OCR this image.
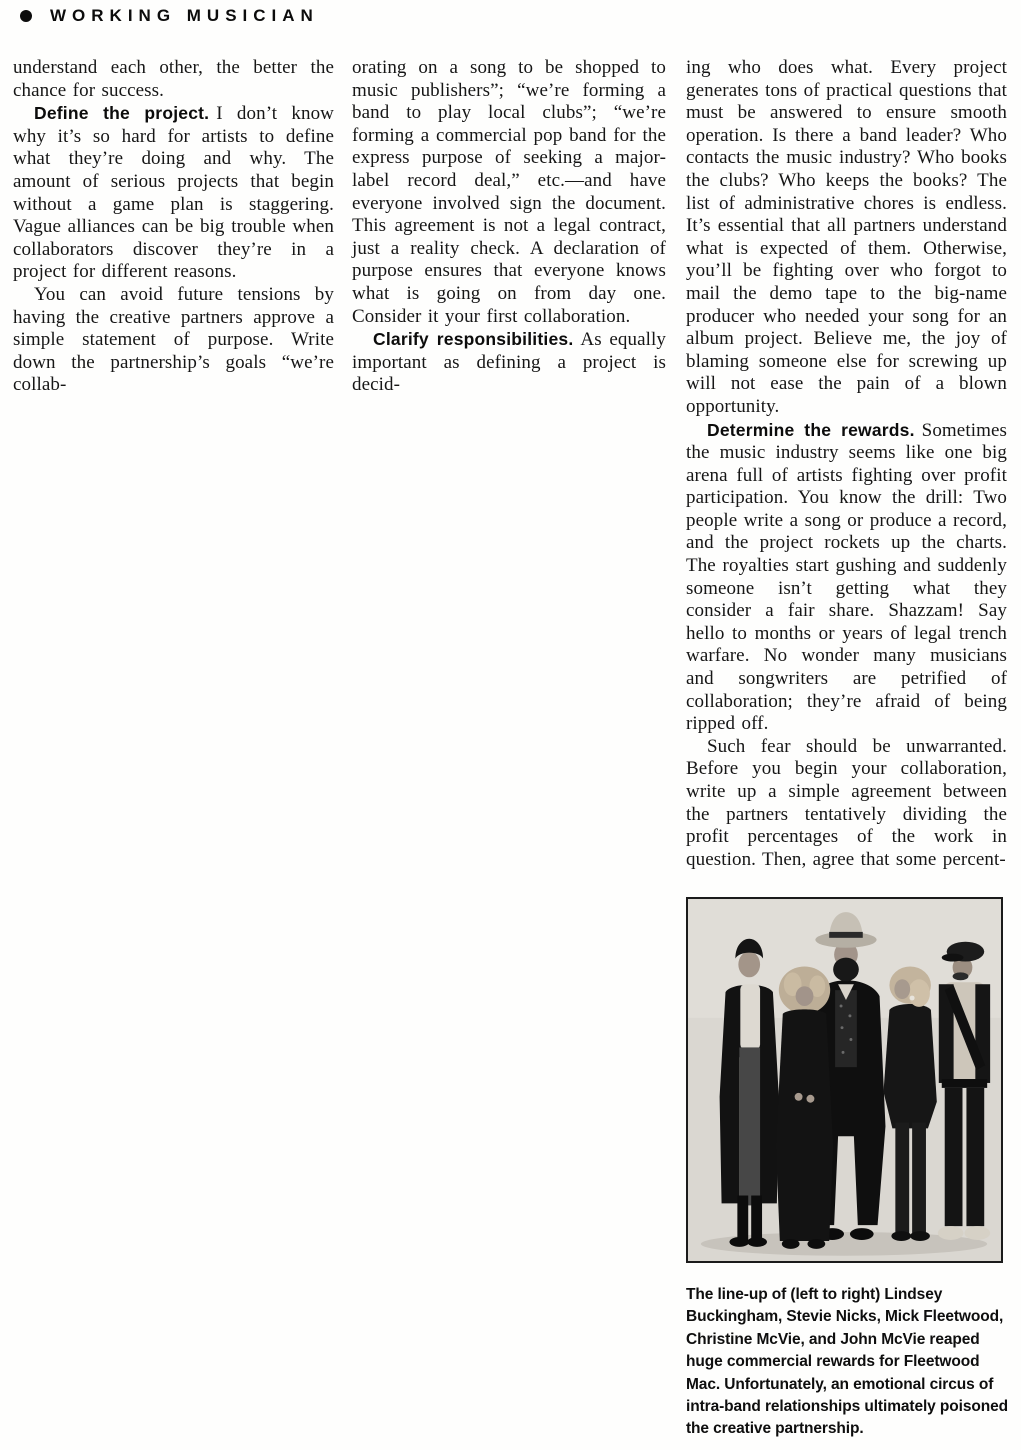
WORKING MUSICIAN

understand each other, the better the chance for success.

Define the project. I don’t know why it’s so hard for artists to define what they’re doing and why. The amount of serious projects that begin without a game plan is staggering. Vague alliances can be big trouble when collaborators discover they’re in a project for different reasons.

You can avoid future tensions by having the creative partners approve a simple statement of purpose. Write down the partnership’s goals “we’re collab-

orating on a song to be shopped to music publishers”; “we’re forming a band to play local clubs”; “we’re forming a commercial pop band for the express purpose of seeking a major-label record deal,” etc.—and have everyone involved sign the document. This agreement is not a legal contract, just a reality check. A declaration of purpose ensures that everyone knows what is going on from day one. Consider it your first collaboration.

Clarify responsibilities. As equally important as defining a project is decid-

ing who does what. Every project generates tons of practical questions that must be answered to ensure smooth operation. Is there a band leader? Who contacts the music industry? Who books the clubs? Who keeps the books? The list of administrative chores is endless. It’s essential that all partners understand what is expected of them. Otherwise, you’ll be fighting over who forgot to mail the demo tape to the big-name producer who needed your song for an album project. Believe me, the joy of blaming someone else for screwing up will not ease the pain of a blown opportunity.

Determine the rewards. Sometimes the music industry seems like one big arena full of artists fighting over profit participation. You know the drill: Two people write a song or produce a record, and the project rockets up the charts. The royalties start gushing and suddenly someone isn’t getting what they consider a fair share. Shazzam! Say hello to months or years of legal trench warfare. No wonder many musicians and songwriters are petrified of collaboration; they’re afraid of being ripped off.

Such fear should be unwarranted. Before you begin your collaboration, write up a simple agreement between the partners tentatively dividing the profit percentages of the work in question. Then, agree that some percent-

The line-up of (left to right) Lindsey Buckingham, Stevie Nicks, Mick Fleetwood, Christine McVie, and John McVie reaped huge commercial rewards for Fleetwood Mac. Unfortunately, an emotional circus of intra-band relationships ultimately poisoned the creative partnership.
